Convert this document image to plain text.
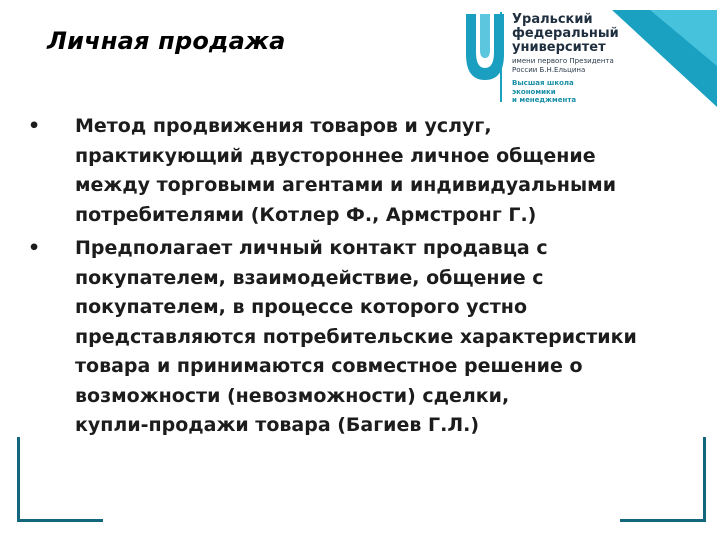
Личная продажа
Уральский
федеральный
университет
имени первого Президента
России Б.Н.Ельцина
Высшая школа
экономики
и менеджмента
• Метод продвижения товаров и услуг,
практикующий двустороннее личное общение
между торговыми агентами и индивидуальными
потребителями (Котлер Ф., Армстронг Г.)
• Предполагает личный контакт продавца с
покупателем, взаимодействие, общение с
покупателем, в процессе которого устно
представляются потребительские характеристики
товара и принимаются совместное решение о
возможности (невозможности) сделки,
купли-продажи товара (Багиев Г.Л.)
